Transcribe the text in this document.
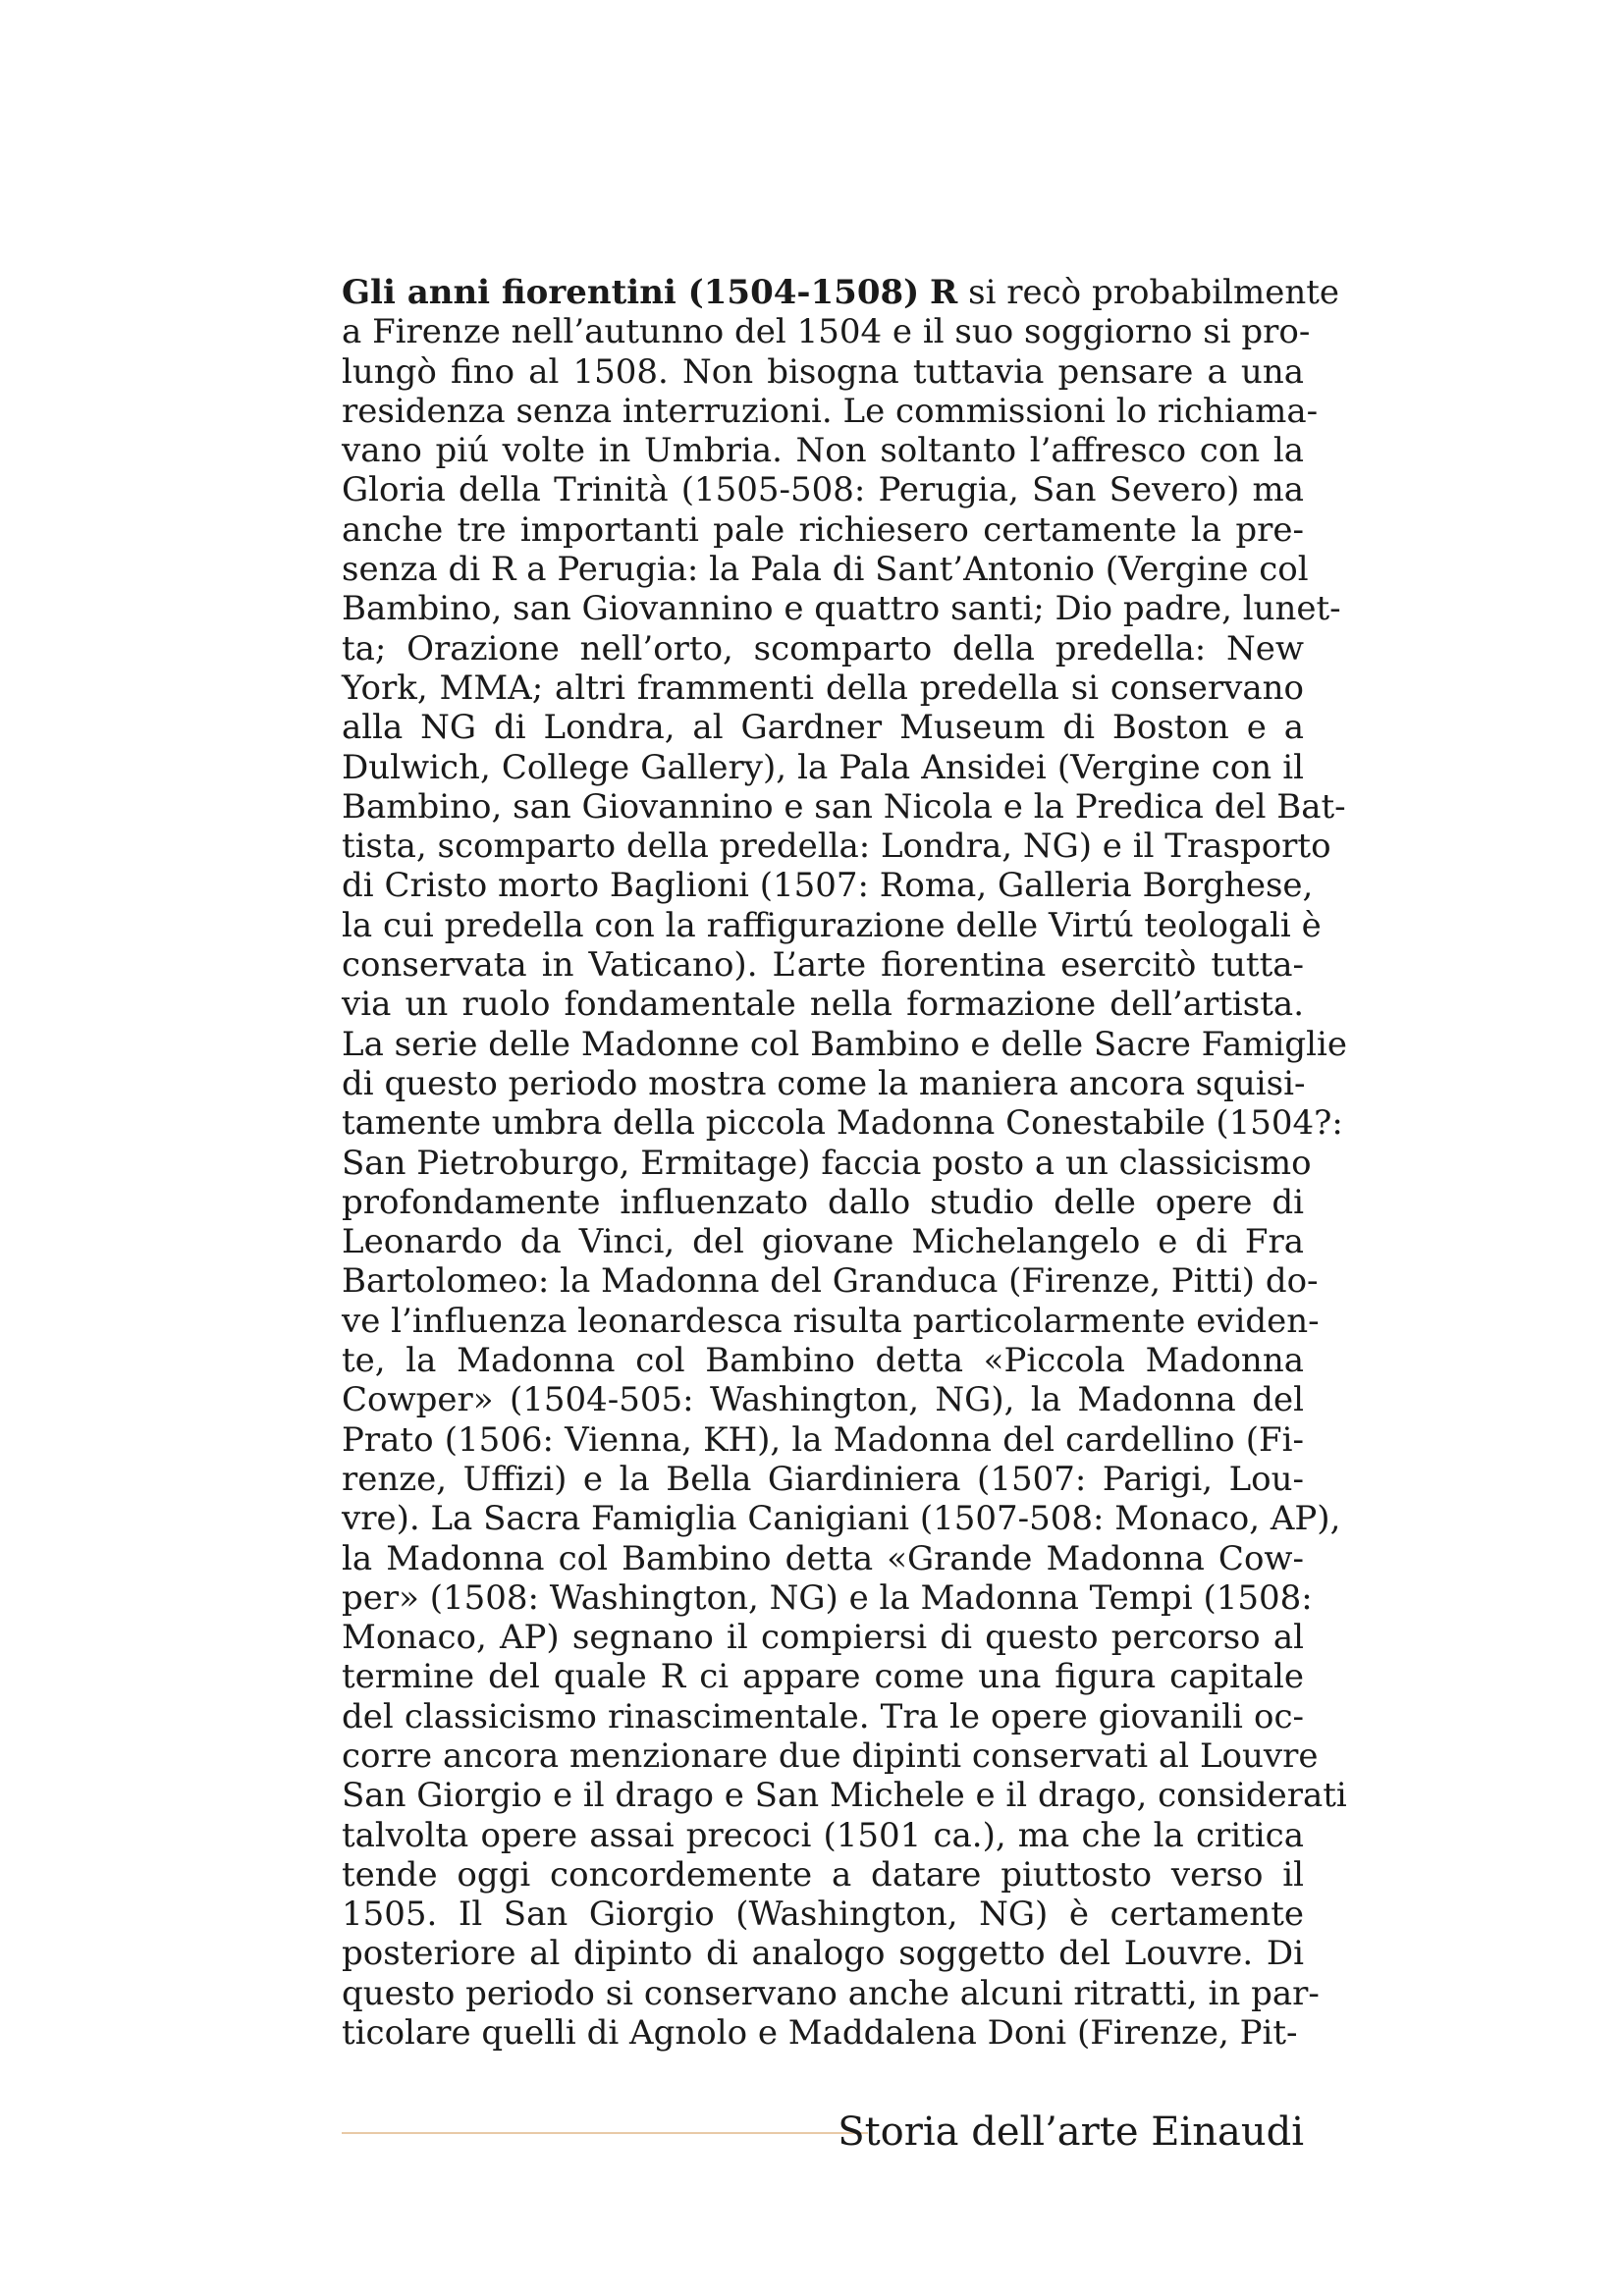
Gli anni fiorentini (1504-1508) R si recò probabilmente
a Firenze nell’autunno del 1504 e il suo soggiorno si pro-
lungò fino al 1508. Non bisogna tuttavia pensare a una
residenza senza interruzioni. Le commissioni lo richiama-
vano piú volte in Umbria. Non soltanto l’affresco con la
Gloria della Trinità (1505-508: Perugia, San Severo) ma
anche tre importanti pale richiesero certamente la pre-
senza di R a Perugia: la Pala di Sant’Antonio (Vergine col
Bambino, san Giovannino e quattro santi; Dio padre, lunet-
ta; Orazione nell’orto, scomparto della predella: New
York, MMA; altri frammenti della predella si conservano
alla NG di Londra, al Gardner Museum di Boston e a
Dulwich, College Gallery), la Pala Ansidei (Vergine con il
Bambino, san Giovannino e san Nicola e la Predica del Bat-
tista, scomparto della predella: Londra, NG) e il Trasporto
di Cristo morto Baglioni (1507: Roma, Galleria Borghese,
la cui predella con la raffigurazione delle Virtú teologali è
conservata in Vaticano). L’arte fiorentina esercitò tutta-
via un ruolo fondamentale nella formazione dell’artista.
La serie delle Madonne col Bambino e delle Sacre Famiglie
di questo periodo mostra come la maniera ancora squisi-
tamente umbra della piccola Madonna Conestabile (1504?:
San Pietroburgo, Ermitage) faccia posto a un classicismo
profondamente influenzato dallo studio delle opere di
Leonardo da Vinci, del giovane Michelangelo e di Fra
Bartolomeo: la Madonna del Granduca (Firenze, Pitti) do-
ve l’influenza leonardesca risulta particolarmente eviden-
te, la Madonna col Bambino detta «Piccola Madonna
Cowper» (1504-505: Washington, NG), la Madonna del
Prato (1506: Vienna, KH), la Madonna del cardellino (Fi-
renze, Uffizi) e la Bella Giardiniera (1507: Parigi, Lou-
vre). La Sacra Famiglia Canigiani (1507-508: Monaco, AP),
la Madonna col Bambino detta «Grande Madonna Cow-
per» (1508: Washington, NG) e la Madonna Tempi (1508:
Monaco, AP) segnano il compiersi di questo percorso al
termine del quale R ci appare come una figura capitale
del classicismo rinascimentale. Tra le opere giovanili oc-
corre ancora menzionare due dipinti conservati al Louvre
San Giorgio e il drago e San Michele e il drago, considerati
talvolta opere assai precoci (1501 ca.), ma che la critica
tende oggi concordemente a datare piuttosto verso il
1505. Il San Giorgio (Washington, NG) è certamente
posteriore al dipinto di analogo soggetto del Louvre. Di
questo periodo si conservano anche alcuni ritratti, in par-
ticolare quelli di Agnolo e Maddalena Doni (Firenze, Pit-
Storia dell’arte Einaudi
